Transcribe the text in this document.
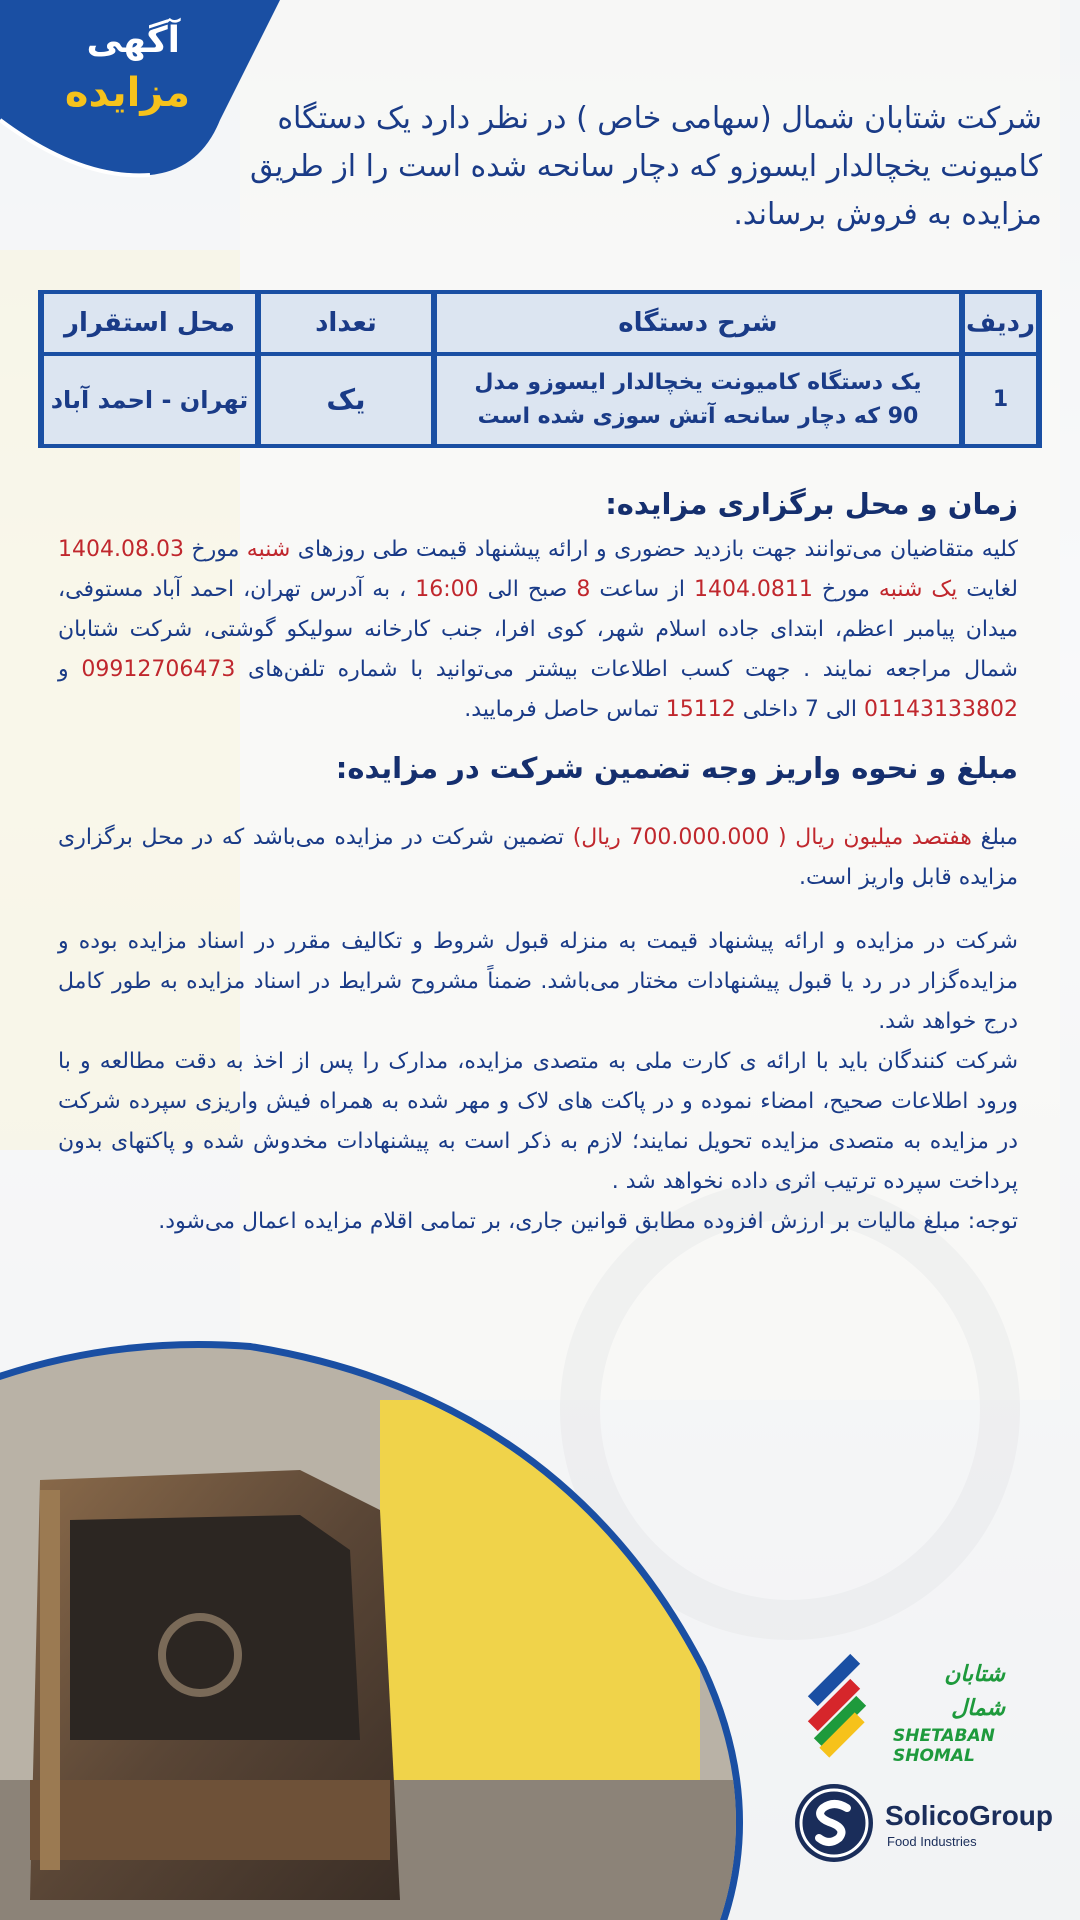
آگهی
مزایده
شرکت شتابان شمال (سهامی خاص ) در نظر دارد یک دستگاه کامیونت یخچالدار ایسوزو که دچار سانحه شده است را از طریق مزایده به فروش برساند.
ردیف	شرح دستگاه	تعداد	محل استقرار
1	یک دستگاه کامیونت یخچالدار ایسوزو مدل 90 که دچار سانحه آتش سوزی شده است	یک	تهران - احمد آباد
زمان و محل برگزاری مزایده:

کلیه متقاضیان می‌توانند جهت بازدید حضوری و ارائه پیشنهاد قیمت طی روزهای شنبه مورخ 1404.08.03 لغایت یک شنبه مورخ 1404.0811 از ساعت 8 صبح الی 16:00 ، به آدرس تهران، احمد آباد مستوفی، میدان پیامبر اعظم، ابتدای جاده اسلام شهر، کوی افرا، جنب کارخانه سولیکو گوشتی، شرکت شتابان شمال مراجعه نمایند . جهت کسب اطلاعات بیشتر می‌توانید با شماره تلفن‌های 09912706473 و 01143133802 الی 7 داخلی 15112 تماس حاصل فرمایید.

مبلغ و نحوه واریز وجه تضمین شرکت در مزایده:

مبلغ هفتصد میلیون ریال ( 700.000.000 ریال) تضمین شرکت در مزایده می‌باشد که در محل برگزاری مزایده قابل واریز است.

شرکت در مزایده و ارائه پیشنهاد قیمت به منزله قبول شروط و تکالیف مقرر در اسناد مزایده بوده و مزایده‌گزار در رد یا قبول پیشنهادات مختار می‌باشد. ضمناً مشروح شرایط در اسناد مزایده به طور کامل درج خواهد شد.

شرکت کنندگان باید با ارائه ی کارت ملی به متصدی مزایده، مدارک را پس از اخذ به دقت مطالعه و با ورود اطلاعات صحیح، امضاء نموده و در پاکت های لاک و مهر شده به همراه فیش واریزی سپرده شرکت در مزایده به متصدی مزایده تحویل نمایند؛ لازم به ذکر است به پیشنهادات مخدوش شده و پاکتهای بدون پرداخت سپرده ترتیب اثری داده نخواهد شد .

توجه: مبلغ مالیات بر ارزش افزوده مطابق قوانین جاری، بر تمامی اقلام مزایده اعمال می‌شود.

شتابان شمال
SHETABAN
SHOMAL
SolicoGroup
Food Industries
